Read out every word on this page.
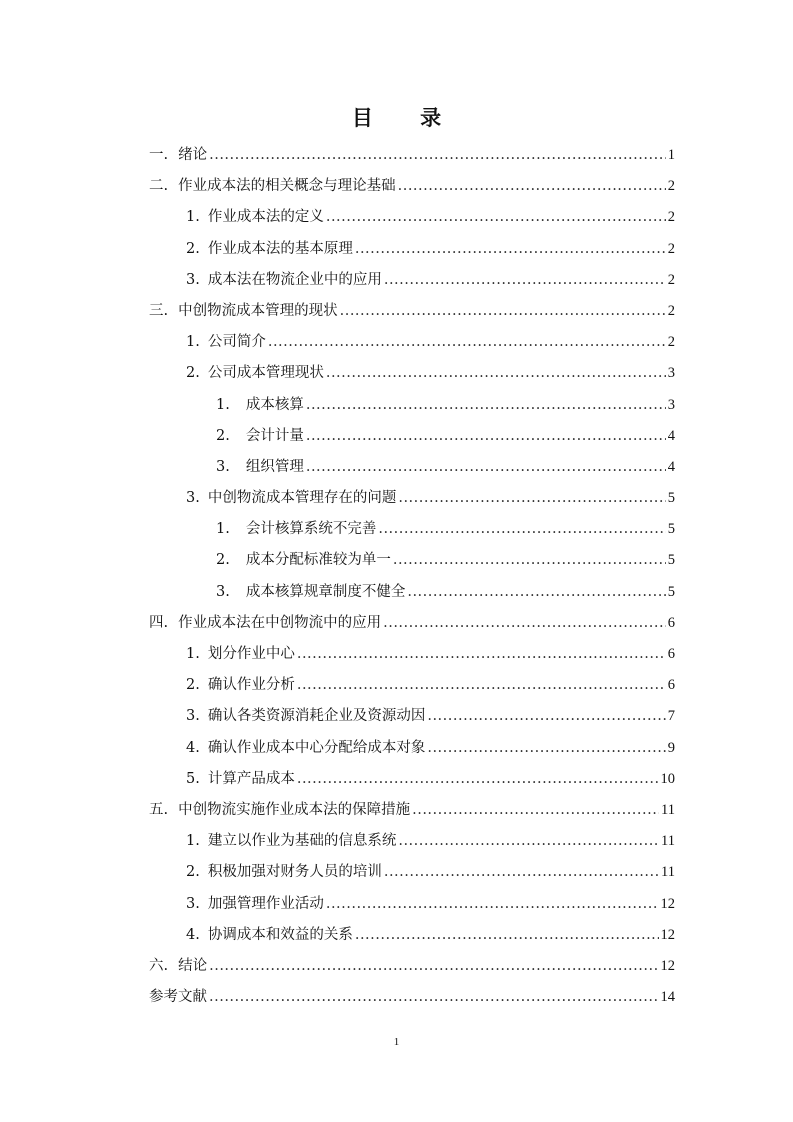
目 录
一. 绪论 .....	1
二. 作业成本法的相关概念与理论基础 .....	2
1. 作业成本法的定义 .....	2
2. 作业成本法的基本原理 .....	2
3. 成本法在物流企业中的应用 .....	2
三. 中创物流成本管理的现状 .....	2
1. 公司简介 .....	2
2. 公司成本管理现状 .....	3
1. 成本核算 .....	3
2. 会计计量 .....	4
3. 组织管理 .....	4
3. 中创物流成本管理存在的问题 .....	5
1. 会计核算系统不完善 .....	5
2. 成本分配标准较为单一 .....	5
3. 成本核算规章制度不健全 .....	5
四. 作业成本法在中创物流中的应用 .....	6
1. 划分作业中心 .....	6
2. 确认作业分析 .....	6
3. 确认各类资源消耗企业及资源动因 .....	7
4. 确认作业成本中心分配给成本对象 .....	9
5. 计算产品成本 .....	10
五. 中创物流实施作业成本法的保障措施 .....	11
1. 建立以作业为基础的信息系统 .....	11
2. 积极加强对财务人员的培训 .....	11
3. 加强管理作业活动 .....	12
4. 协调成本和效益的关系 .....	12
六. 结论 .....	12
参考文献 .....	14
1
